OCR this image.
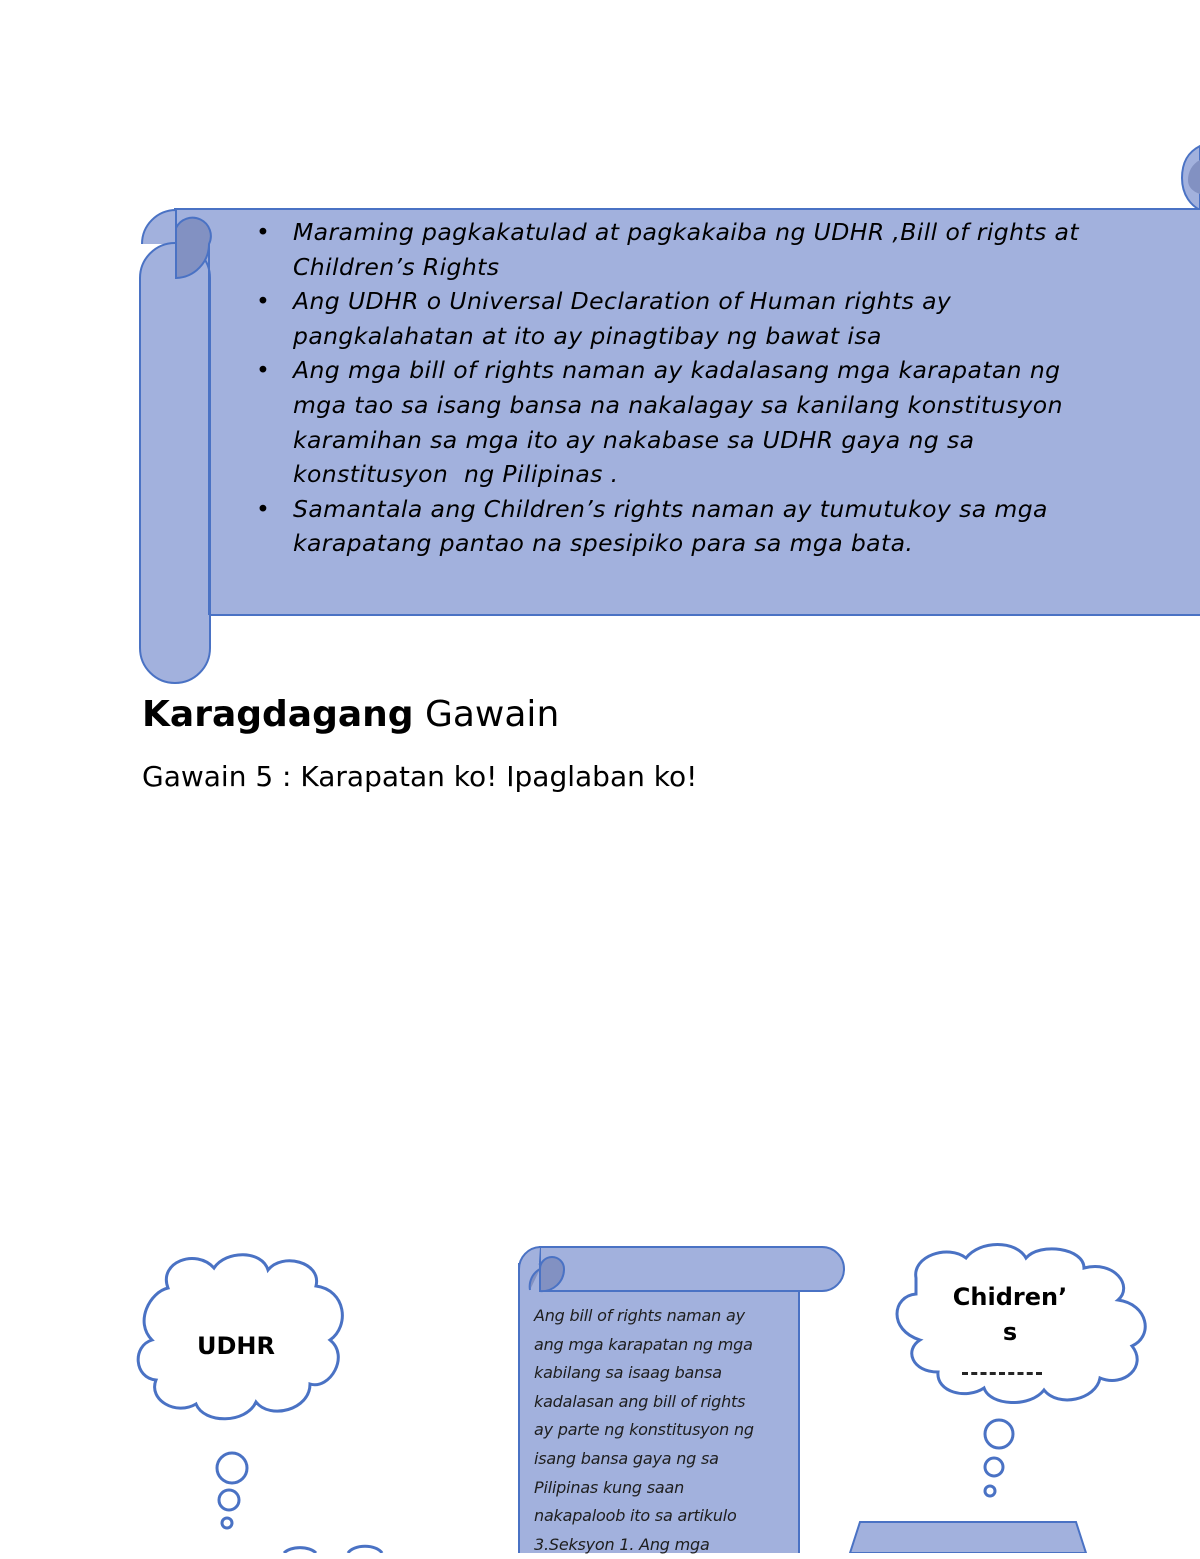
• Maraming pagkakatulad at pagkakaiba ng UDHR ,Bill of rights at
Children’s Rights
• Ang UDHR o Universal Declaration of Human rights ay
pangkalahatan at ito ay pinagtibay ng bawat isa
• Ang mga bill of rights naman ay kadalasang mga karapatan ng
mga tao sa isang bansa na nakalagay sa kanilang konstitusyon
karamihan sa mga ito ay nakabase sa UDHR gaya ng sa
konstitusyon  ng Pilipinas .
• Samantala ang Children’s rights naman ay tumutukoy sa mga
karapatang pantao na spesipiko para sa mga bata.
Karagdagang Gawain
Gawain 5 : Karapatan ko! Ipaglaban ko!
UDHR
Chidren’
s
Ang bill of rights naman ay
ang mga karapatan ng mga
kabilang sa isaag bansa
kadalasan ang bill of rights
ay parte ng konstitusyon ng
isang bansa gaya ng sa
Pilipinas kung saan
nakapaloob ito sa artikulo
3.Seksyon 1. Ang mga
